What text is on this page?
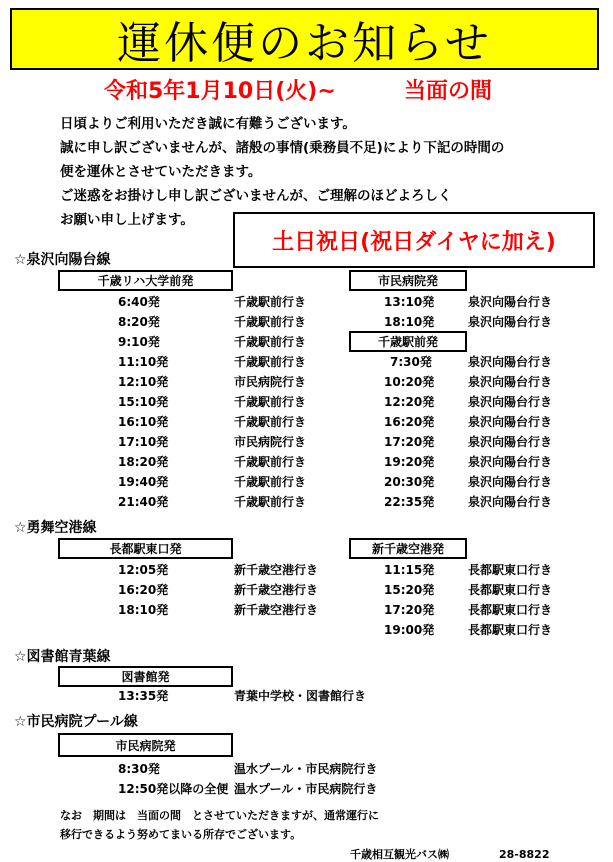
運休便のお知らせ
令和5年1月10日(火)~	当面の間
日頃よりご利用いただき誠に有難うございます。
誠に申し訳ございませんが、諸般の事情(乗務員不足)により下記の時間の
便を運休とさせていただきます。
ご迷惑をお掛けし申し訳ございませんが、ご理解のほどよろしく
お願い申し上げます。
土日祝日(祝日ダイヤに加え)
☆泉沢向陽台線
千歳リハ大学前発
6:40発	千歳駅前行き
8:20発	千歳駅前行き
9:10発	千歳駅前行き
11:10発	千歳駅前行き
12:10発	市民病院行き
15:10発	千歳駅前行き
16:10発	千歳駅前行き
17:10発	市民病院行き
18:20発	千歳駅前行き
19:40発	千歳駅前行き
21:40発	千歳駅前行き
市民病院発
13:10発	泉沢向陽台行き
18:10発	泉沢向陽台行き
千歳駅前発
7:30発	泉沢向陽台行き
10:20発	泉沢向陽台行き
12:20発	泉沢向陽台行き
16:20発	泉沢向陽台行き
17:20発	泉沢向陽台行き
19:20発	泉沢向陽台行き
20:30発	泉沢向陽台行き
22:35発	泉沢向陽台行き
☆勇舞空港線
長都駅東口発
12:05発	新千歳空港行き
16:20発	新千歳空港行き
18:10発	新千歳空港行き
新千歳空港発
11:15発	長都駅東口行き
15:20発	長都駅東口行き
17:20発	長都駅東口行き
19:00発	長都駅東口行き
☆図書館青葉線
図書館発
13:35発	青葉中学校・図書館行き
☆市民病院プール線
市民病院発
8:30発	温水プール・市民病院行き
12:50発以降の全便 温水プール・市民病院行き
なお　期間は　当面の間　とさせていただきますが、通常運行に
移行できるよう努めてまいる所存でございます。
千歳相互観光バス㈱	28-8822
